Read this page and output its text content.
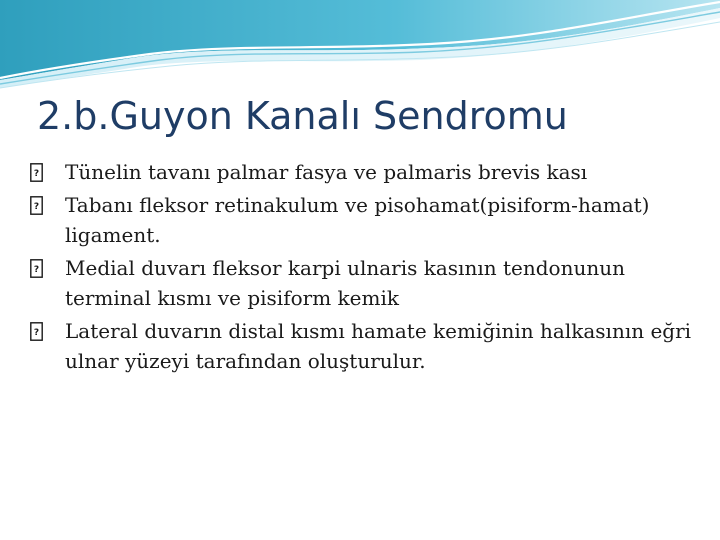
2.b.Guyon Kanalı Sendromu
? Tünelin tavanı palmar fasya ve palmaris brevis kası
? Tabanı fleksor retinakulum ve pisohamat(pisiform-hamat) ligament.
? Medial duvarı fleksor karpi ulnaris kasının tendonunun terminal kısmı ve pisiform kemik
? Lateral duvarın distal kısmı hamate kemiğinin halkasının eğri ulnar yüzeyi tarafından oluşturulur.
